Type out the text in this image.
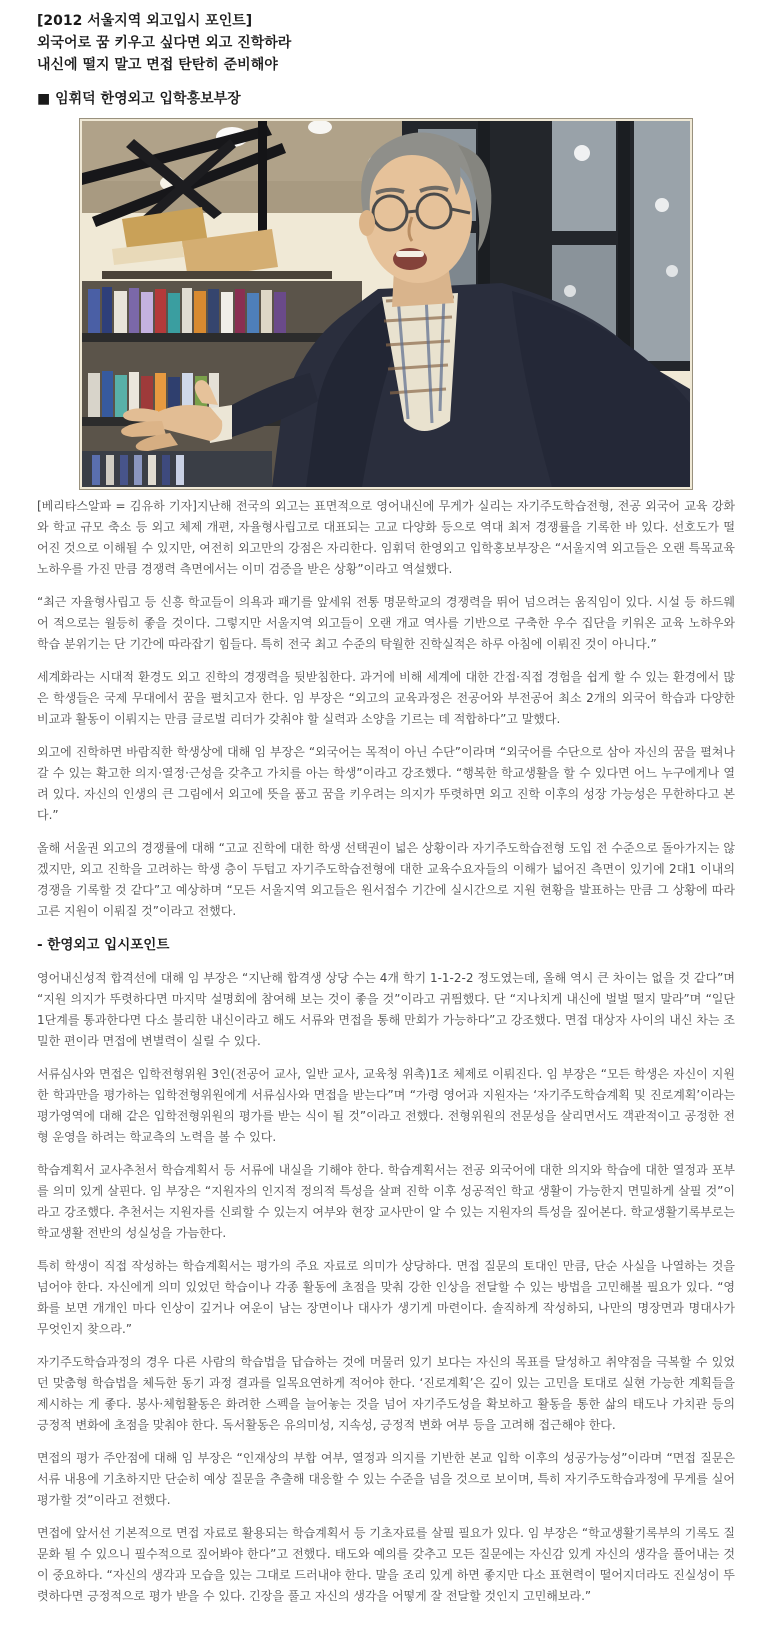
[2012 서울지역 외고입시 포인트]
외국어로 꿈 키우고 싶다면 외고 진학하라
내신에 떨지 말고 면접 탄탄히 준비해야
■ 임휘덕 한영외고 입학홍보부장

[베리타스알파 = 김유하 기자]지난해 전국의 외고는 표면적으로 영어내신에 무게가 실리는 자기주도학습전형, 전공 외국어 교육 강화와 학교 규모 축소 등 외고 체제 개편, 자율형사립고로 대표되는 고교 다양화 등으로 역대 최저 경쟁률을 기록한 바 있다. 선호도가 떨어진 것으로 이해될 수 있지만, 여전히 외고만의 강점은 자리한다. 임휘덕 한영외고 입학홍보부장은 “서울지역 외고들은 오랜 특목교육 노하우를 가진 만큼 경쟁력 측면에서는 이미 검증을 받은 상황”이라고 역설했다.

“최근 자율형사립고 등 신흥 학교들이 의욕과 패기를 앞세워 전통 명문학교의 경쟁력을 뛰어 넘으려는 움직임이 있다. 시설 등 하드웨어 적으로는 월등히 좋을 것이다. 그렇지만 서울지역 외고들이 오랜 개교 역사를 기반으로 구축한 우수 집단을 키워온 교육 노하우와 학습 분위기는 단 기간에 따라잡기 힘들다. 특히 전국 최고 수준의 탁월한 진학실적은 하루 아침에 이뤄진 것이 아니다.”

세계화라는 시대적 환경도 외고 진학의 경쟁력을 뒷받침한다. 과거에 비해 세계에 대한 간접·직접 경험을 쉽게 할 수 있는 환경에서 많은 학생들은 국제 무대에서 꿈을 펼치고자 한다. 임 부장은 “외고의 교육과정은 전공어와 부전공어 최소 2개의 외국어 학습과 다양한 비교과 활동이 이뤄지는 만큼 글로벌 리더가 갖춰야 할 실력과 소양을 기르는 데 적합하다”고 말했다.

외고에 진학하면 바람직한 학생상에 대해 임 부장은 “외국어는 목적이 아닌 수단”이라며 “외국어를 수단으로 삼아 자신의 꿈을 펼쳐나갈 수 있는 확고한 의지·열정·근성을 갖추고 가치를 아는 학생”이라고 강조했다. “행복한 학교생활을 할 수 있다면 어느 누구에게나 열려 있다. 자신의 인생의 큰 그림에서 외고에 뜻을 품고 꿈을 키우려는 의지가 뚜렷하면 외고 진학 이후의 성장 가능성은 무한하다고 본다.”

올해 서울권 외고의 경쟁률에 대해 “고교 진학에 대한 학생 선택권이 넓은 상황이라 자기주도학습전형 도입 전 수준으로 돌아가지는 않겠지만, 외고 진학을 고려하는 학생 층이 두텁고 자기주도학습전형에 대한 교육수요자들의 이해가 넓어진 측면이 있기에 2대1 이내의 경쟁을 기록할 것 같다”고 예상하며 “모든 서울지역 외고들은 원서접수 기간에 실시간으로 지원 현황을 발표하는 만큼 그 상황에 따라 고른 지원이 이뤄질 것”이라고 전했다.

- 한영외고 입시포인트

영어내신성적 합격선에 대해 임 부장은 “지난해 합격생 상당 수는 4개 학기 1-1-2-2 정도였는데, 올해 역시 큰 차이는 없을 것 같다”며 “지원 의지가 뚜렷하다면 마지막 설명회에 참여해 보는 것이 좋을 것”이라고 귀띔했다. 단 “지나치게 내신에 벌벌 떨지 말라”며 “일단 1단계를 통과한다면 다소 불리한 내신이라고 해도 서류와 면접을 통해 만회가 가능하다”고 강조했다. 면접 대상자 사이의 내신 차는 조밀한 편이라 면접에 변별력이 실릴 수 있다.

서류심사와 면접은 입학전형위원 3인(전공어 교사, 일반 교사, 교육청 위촉)1조 체제로 이뤄진다. 임 부장은 “모든 학생은 자신이 지원한 학과만을 평가하는 입학전형위원에게 서류심사와 면접을 받는다”며 “가령 영어과 지원자는 ‘자기주도학습계획 및 진로계획’이라는 평가영역에 대해 같은 입학전형위원의 평가를 받는 식이 될 것”이라고 전했다. 전형위원의 전문성을 살리면서도 객관적이고 공정한 전형 운영을 하려는 학교측의 노력을 볼 수 있다.

학습계획서 교사추천서 학습계획서 등 서류에 내실을 기해야 한다. 학습계획서는 전공 외국어에 대한 의지와 학습에 대한 열정과 포부를 의미 있게 살핀다. 임 부장은 “지원자의 인지적 정의적 특성을 살펴 진학 이후 성공적인 학교 생활이 가능한지 면밀하게 살필 것”이라고 강조했다. 추천서는 지원자를 신뢰할 수 있는지 여부와 현장 교사만이 알 수 있는 지원자의 특성을 짚어본다. 학교생활기록부로는 학교생활 전반의 성실성을 가늠한다.

특히 학생이 직접 작성하는 학습계획서는 평가의 주요 자료로 의미가 상당하다. 면접 질문의 토대인 만큼, 단순 사실을 나열하는 것을 넘어야 한다. 자신에게 의미 있었던 학습이나 각종 활동에 초점을 맞춰 강한 인상을 전달할 수 있는 방법을 고민해볼 필요가 있다. “영화를 보면 개개인 마다 인상이 깊거나 여운이 남는 장면이나 대사가 생기게 마련이다. 솔직하게 작성하되, 나만의 명장면과 명대사가 무엇인지 찾으라.”

자기주도학습과정의 경우 다른 사람의 학습법을 답습하는 것에 머물러 있기 보다는 자신의 목표를 달성하고 취약점을 극복할 수 있었던 맞춤형 학습법을 체득한 동기 과정 결과를 일목요연하게 적어야 한다. ‘진로계획’은 깊이 있는 고민을 토대로 실현 가능한 계획들을 제시하는 게 좋다. 봉사·체험활동은 화려한 스펙을 늘어놓는 것을 넘어 자기주도성을 확보하고 활동을 통한 삶의 태도나 가치관 등의 긍정적 변화에 초점을 맞춰야 한다. 독서활동은 유의미성, 지속성, 긍정적 변화 여부 등을 고려해 접근해야 한다.

면접의 평가 주안점에 대해 임 부장은 “인재상의 부합 여부, 열정과 의지를 기반한 본교 입학 이후의 성공가능성”이라며 “면접 질문은 서류 내용에 기초하지만 단순히 예상 질문을 추출해 대응할 수 있는 수준을 넘을 것으로 보이며, 특히 자기주도학습과정에 무게를 실어 평가할 것”이라고 전했다.

면접에 앞서선 기본적으로 면접 자료로 활용되는 학습계획서 등 기초자료를 살필 필요가 있다. 임 부장은 “학교생활기록부의 기록도 질문화 될 수 있으니 필수적으로 짚어봐야 한다”고 전했다. 태도와 예의를 갖추고 모든 질문에는 자신감 있게 자신의 생각을 풀어내는 것이 중요하다. “자신의 생각과 모습을 있는 그대로 드러내야 한다. 말을 조리 있게 하면 좋지만 다소 표현력이 떨어지더라도 진실성이 뚜렷하다면 긍정적으로 평가 받을 수 있다. 긴장을 풀고 자신의 생각을 어떻게 잘 전달할 것인지 고민해보라.”
